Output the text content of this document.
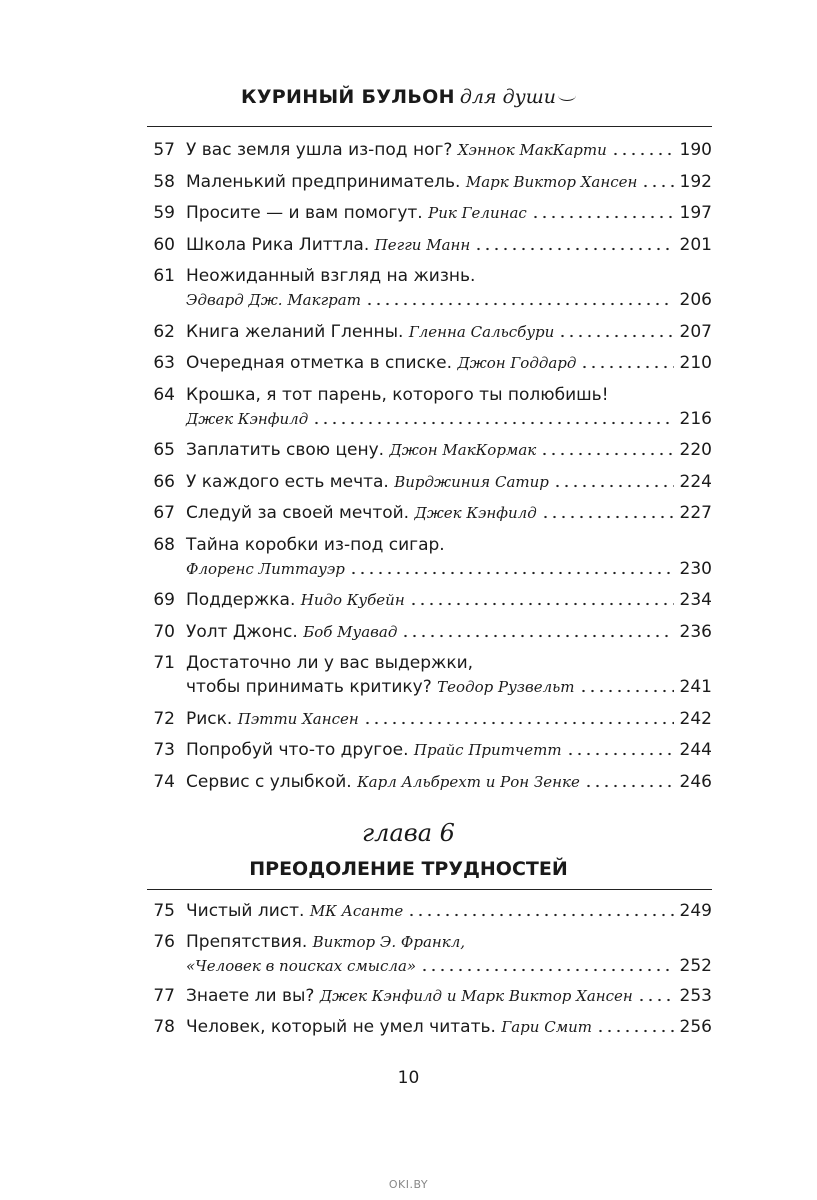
КУРИНЫЙ БУЛЬОН для души
57 У вас земля ушла из-под ног?
Хэннок МакКарти	190
58 Маленький предприниматель.
Марк Виктор Хансен 192
59 Просите — и вам помогут.
Рик Гелинас	197
60 Школа Рика Литтла.
Пегги Манн	201
61 Неожиданный взгляд на жизнь.
Эдвард Дж. Макграт	206
62 Книга желаний Гленны.
Гленна Сальсбури	207
63 Очередная отметка в списке.
Джон Годдард	210
64 Крошка, я тот парень, которого ты полюбишь!
Джек Кэнфилд	216
65 Заплатить свою цену.
Джон МакКормак	220
66 У каждого есть мечта.
Вирджиния Сатир	224
67 Следуй за своей мечтой.
Джек Кэнфилд	227
68 Тайна коробки из-под сигар.
Флоренс Литтауэр	230
69 Поддержка.
Нидо Кубейн	234
70 Уолт Джонс.
Боб Муавад	236
71 Достаточно ли у вас выдержки,
чтобы принимать критику?
Теодор Рузвельт	241
72 Риск.
Пэтти Хансен	242
73 Попробуй что-то другое.
Прайс Притчетт	244
74 Сервис с улыбкой.
Карл Альбрехт и Рон Зенке	246
глава 6
ПРЕОДОЛЕНИЕ ТРУДНОСТЕЙ
75 Чистый лист.
МК Асанте	249
76 Препятствия.
Виктор Э. Франкл,
«Человек в поисках смысла»	252
77 Знаете ли вы?
Джек Кэнфилд и Марк Виктор Хансен	253
78 Человек, который не умел читать.
Гари Смит	256
10
OKI.BY
